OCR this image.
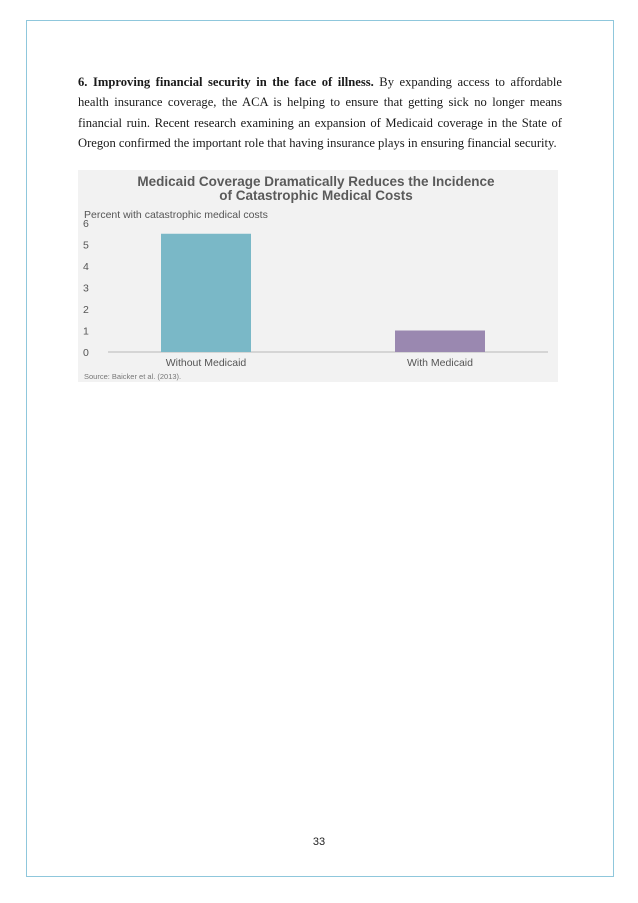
6. Improving financial security in the face of illness. By expanding access to affordable health insurance coverage, the ACA is helping to ensure that getting sick no longer means financial ruin. Recent research examining an expansion of Medicaid coverage in the State of Oregon confirmed the important role that having insurance plays in ensuring financial security.

Medicaid Coverage Dramatically Reduces the Incidence
of Catastrophic Medical Costs
Percent with catastrophic medical costs
0
1
2
3
4
5
6
Without Medicaid	With Medicaid
Source: Baicker et al. (2013).
33
